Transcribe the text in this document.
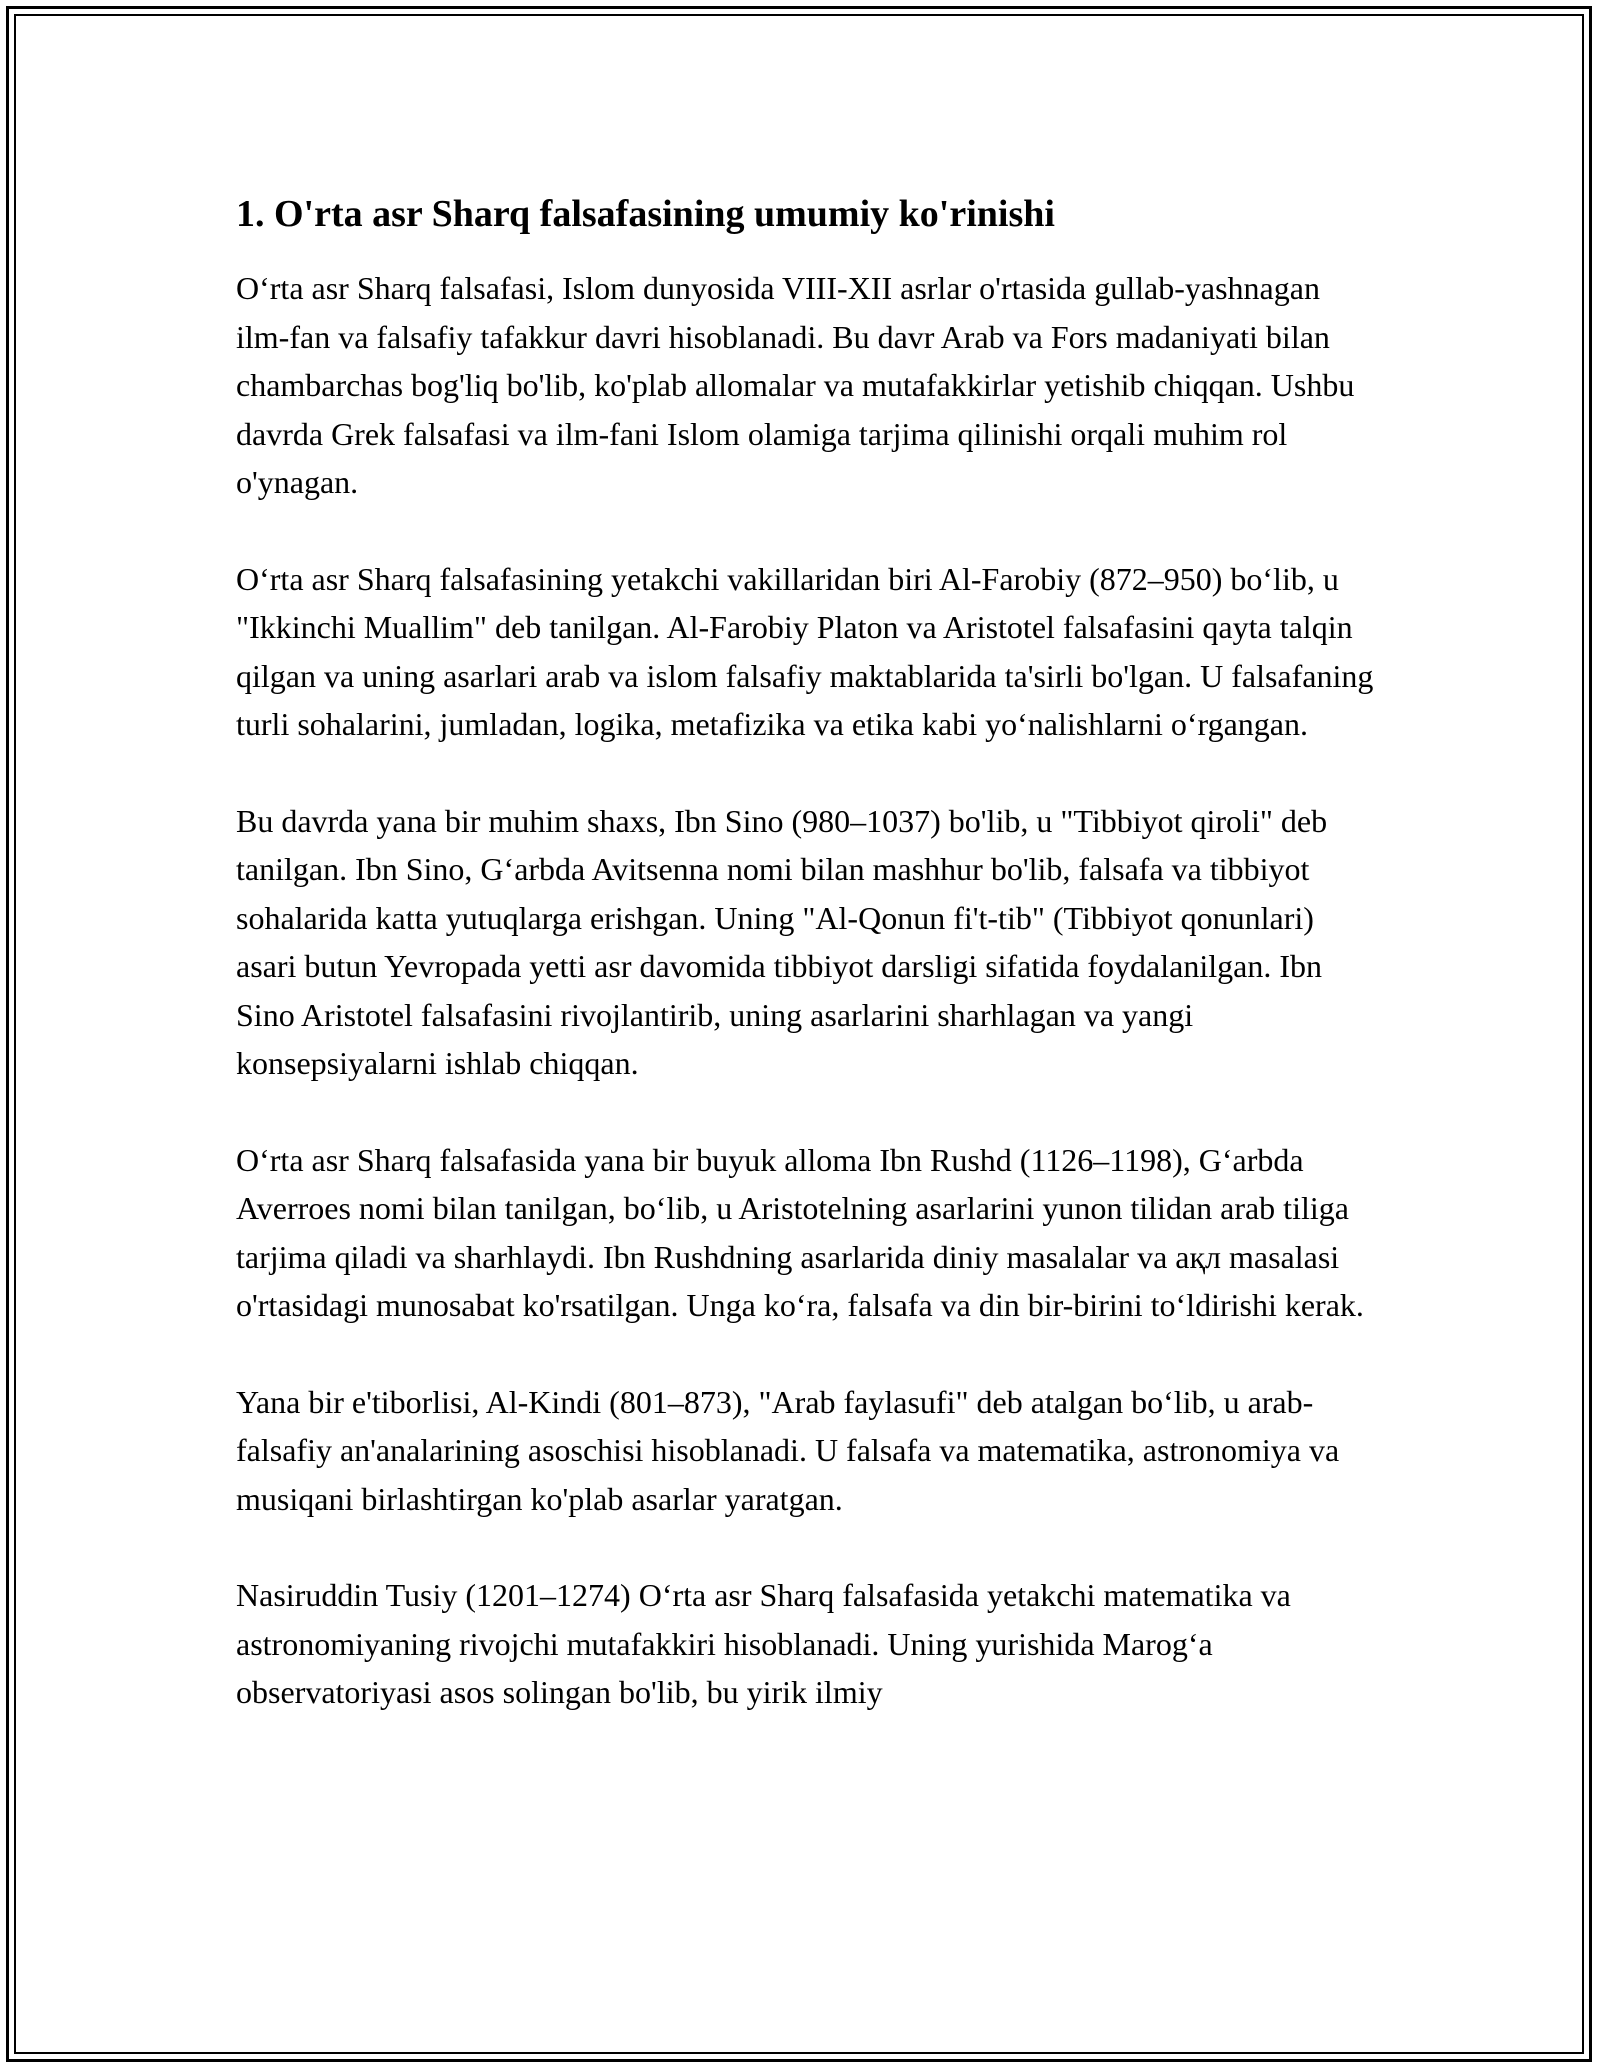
1. O'rta asr Sharq falsafasining umumiy ko'rinishi

O‘rta asr Sharq falsafasi, Islom dunyosida VIII-XII asrlar o'rtasida gullab-yashnagan ilm-fan va falsafiy tafakkur davri hisoblanadi. Bu davr Arab va Fors madaniyati bilan chambarchas bog'liq bo'lib, ko'plab allomalar va mutafakkirlar yetishib chiqqan. Ushbu davrda Grek falsafasi va ilm-fani Islom olamiga tarjima qilinishi orqali muhim rol o'ynagan.

O‘rta asr Sharq falsafasining yetakchi vakillaridan biri Al-Farobiy (872–950) bo‘lib, u "Ikkinchi Muallim" deb tanilgan. Al-Farobiy Platon va Aristotel falsafasini qayta talqin qilgan va uning asarlari arab va islom falsafiy maktablarida ta'sirli bo'lgan. U falsafaning turli sohalarini, jumladan, logika, metafizika va etika kabi yo‘nalishlarni o‘rgangan.

Bu davrda yana bir muhim shaxs, Ibn Sino (980–1037) bo'lib, u "Tibbiyot qiroli" deb tanilgan. Ibn Sino, G‘arbda Avitsenna nomi bilan mashhur bo'lib, falsafa va tibbiyot sohalarida katta yutuqlarga erishgan. Uning "Al-Qonun fi't-tib" (Tibbiyot qonunlari) asari butun Yevropada yetti asr davomida tibbiyot darsligi sifatida foydalanilgan. Ibn Sino Aristotel falsafasini rivojlantirib, uning asarlarini sharhlagan va yangi konsepsiyalarni ishlab chiqqan.

O‘rta asr Sharq falsafasida yana bir buyuk alloma Ibn Rushd (1126–1198), G‘arbda Averroes nomi bilan tanilgan, bo‘lib, u Aristotelning asarlarini yunon tilidan arab tiliga tarjima qiladi va sharhlaydi. Ibn Rushdning asarlarida diniy masalalar va aқл masalasi o'rtasidagi munosabat ko'rsatilgan. Unga ko‘ra, falsafa va din bir-birini to‘ldirishi kerak.

Yana bir e'tiborlisi, Al-Kindi (801–873), "Arab faylasufi" deb atalgan bo‘lib, u arab-falsafiy an'analarining asoschisi hisoblanadi. U falsafa va matematika, astronomiya va musiqani birlashtirgan ko'plab asarlar yaratgan.

Nasiruddin Tusiy (1201–1274) O‘rta asr Sharq falsafasida yetakchi matematika va astronomiyaning rivojchi mutafakkiri hisoblanadi. Uning yurishida Marog‘a observatoriyasi asos solingan bo'lib, bu yirik ilmiy
